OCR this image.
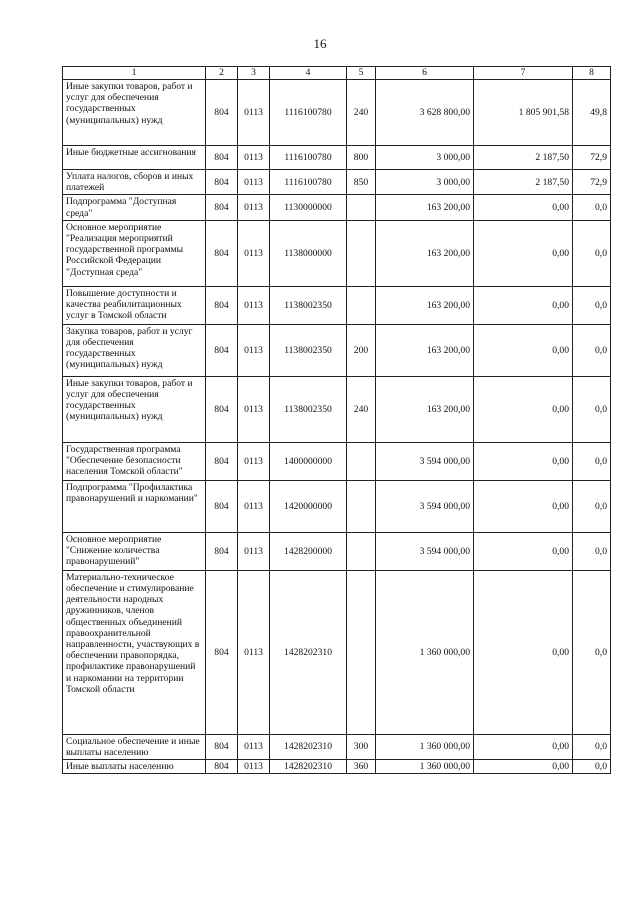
16
1	2	3	4	5	6	7	8
Иные закупки товаров, работ и услуг для обеспечения государственных (муниципальных) нужд	804	0113	1116100780	240	3 628 800,00	1 805 901,58	49,8
Иные бюджетные ассигнования	804	0113	1116100780	800	3 000,00	2 187,50	72,9
Уплата налогов, сборов и иных платежей	804	0113	1116100780	850	3 000,00	2 187,50	72,9
Подпрограмма "Доступная среда"	804	0113	1130000000		163 200,00	0,00	0,0
Основное мероприятие "Реализация мероприятий государственной программы Российской Федерации "Доступная среда"	804	0113	1138000000		163 200,00	0,00	0,0
Повышение доступности и качества реабилитационных услуг в Томской области	804	0113	1138002350		163 200,00	0,00	0,0
Закупка товаров, работ и услуг для обеспечения государственных (муниципальных) нужд	804	0113	1138002350	200	163 200,00	0,00	0,0
Иные закупки товаров, работ и услуг для обеспечения государственных (муниципальных) нужд	804	0113	1138002350	240	163 200,00	0,00	0,0
Государственная программа "Обеспечение безопасности населения Томской области"	804	0113	1400000000		3 594 000,00	0,00	0,0
Подпрограмма "Профилактика правонарушений и наркомании"	804	0113	1420000000		3 594 000,00	0,00	0,0
Основное мероприятие "Снижение количества правонарушений"	804	0113	1428200000		3 594 000,00	0,00	0,0
Материально-техническое обеспечение и стимулирование деятельности народных дружинников, членов общественных объединений правоохранительной направленности, участвующих в обеспечении правопорядка, профилактике правонарушений и наркомании на территории Томской области	804	0113	1428202310		1 360 000,00	0,00	0,0
Социальное обеспечение и иные выплаты населению	804	0113	1428202310	300	1 360 000,00	0,00	0,0
Иные выплаты населению	804	0113	1428202310	360	1 360 000,00	0,00	0,0
